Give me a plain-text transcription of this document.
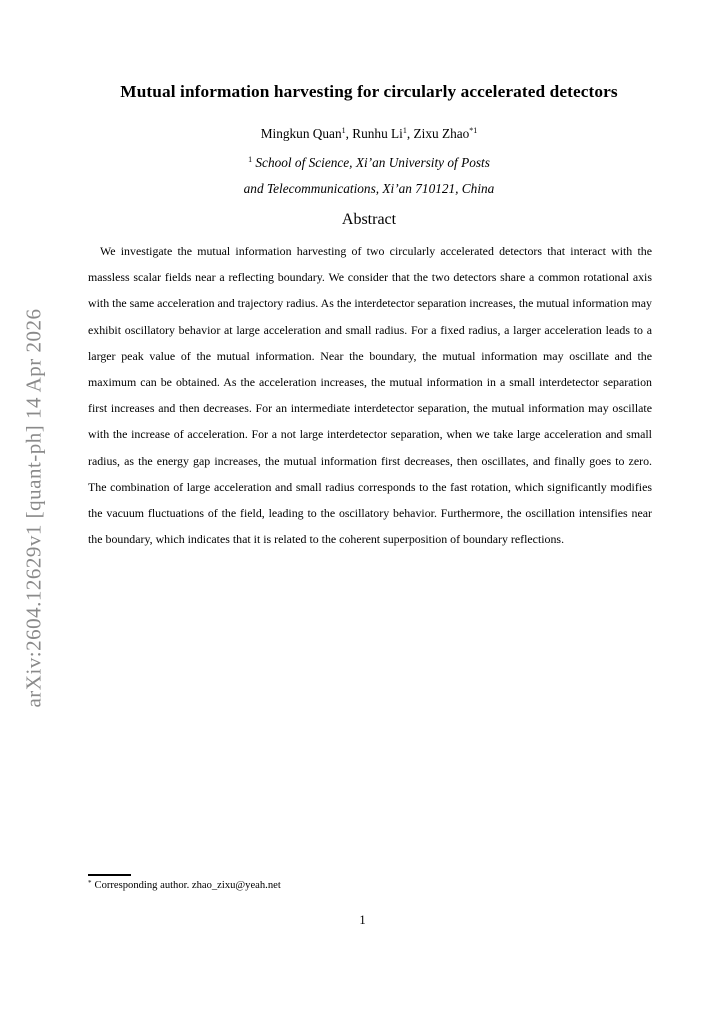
arXiv:2604.12629v1 [quant-ph] 14 Apr 2026
Mutual information harvesting for circularly accelerated detectors
Mingkun Quan$^1$, Runhu Li$^1$, Zixu Zhao$^{*1}$
$^1$ School of Science, Xi’an University of Posts
and Telecommunications, Xi’an 710121, China
Abstract
We investigate the mutual information harvesting of two circularly accelerated detectors that interact with the massless scalar fields near a reflecting boundary. We consider that the two detectors share a common rotational axis with the same acceleration and trajectory radius. As the interdetector separation increases, the mutual information may exhibit oscillatory behavior at large acceleration and small radius. For a fixed radius, a larger acceleration leads to a larger peak value of the mutual information. Near the boundary, the mutual information may oscillate and the maximum can be obtained. As the acceleration increases, the mutual information in a small interdetector separation first increases and then decreases. For an intermediate interdetector separation, the mutual information may oscillate with the increase of acceleration. For a not large interdetector separation, when we take large acceleration and small radius, as the energy gap increases, the mutual information first decreases, then oscillates, and finally goes to zero. The combination of large acceleration and small radius corresponds to the fast rotation, which significantly modifies the vacuum fluctuations of the field, leading to the oscillatory behavior. Furthermore, the oscillation intensifies near the boundary, which indicates that it is related to the coherent superposition of boundary reflections.
* Corresponding author. zhao_zixu@yeah.net
1
